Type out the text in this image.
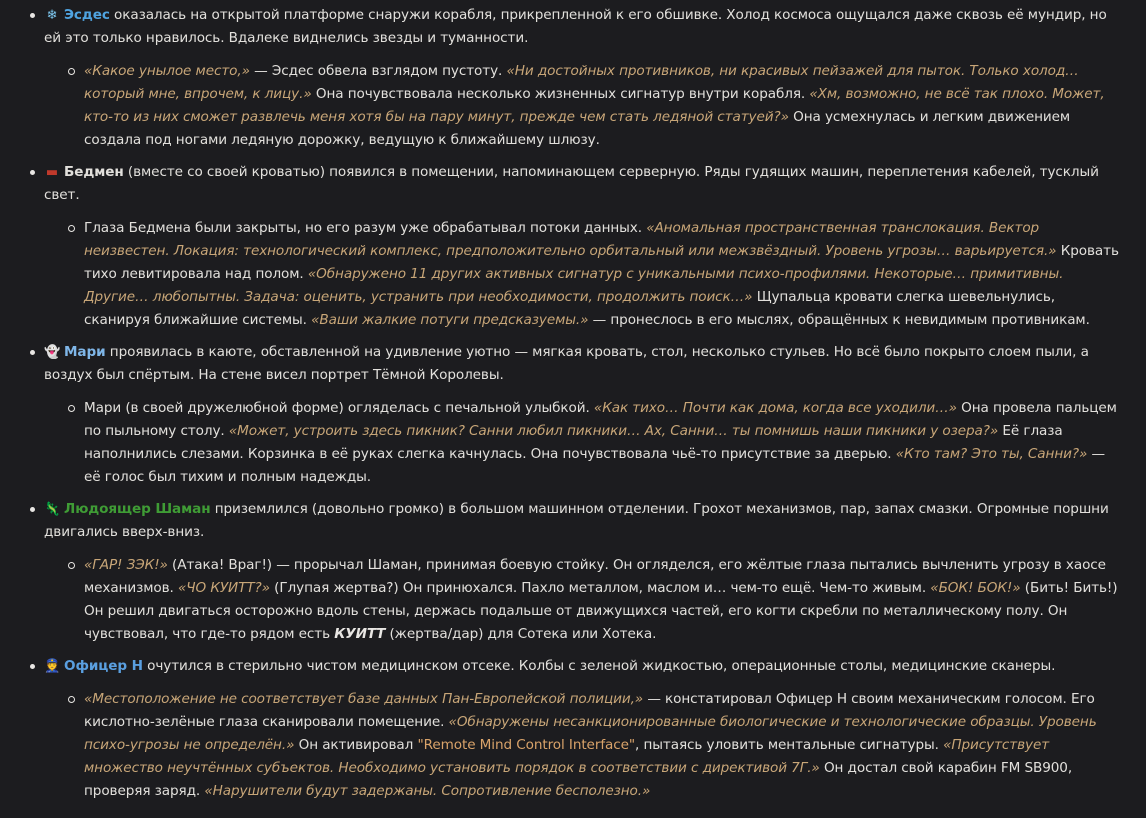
❄ Эсдес оказалась на открытой платформе снаружи корабля, прикрепленной к его обшивке. Холод космоса ощущался даже сквозь её мундир, но ей это только нравилось. Вдалеке виднелись звезды и туманности.
«Какое унылое место,» — Эсдес обвела взглядом пустоту. «Ни достойных противников, ни красивых пейзажей для пыток. Только холод… который мне, впрочем, к лицу.» Она почувствовала несколько жизненных сигнатур внутри корабля. «Хм, возможно, не всё так плохо. Может, кто-то из них сможет развлечь меня хотя бы на пару минут, прежде чем стать ледяной статуей?» Она усмехнулась и легким движением создала под ногами ледяную дорожку, ведущую к ближайшему шлюзу.
▬ Бедмен (вместе со своей кроватью) появился в помещении, напоминающем серверную. Ряды гудящих машин, переплетения кабелей, тусклый свет.
Глаза Бедмена были закрыты, но его разум уже обрабатывал потоки данных. «Аномальная пространственная транслокация. Вектор неизвестен. Локация: технологический комплекс, предположительно орбитальный или межзвёздный. Уровень угрозы… варьируется.» Кровать тихо левитировала над полом. «Обнаружено 11 других активных сигнатур с уникальными психо-профилями. Некоторые… примитивны. Другие… любопытны. Задача: оценить, устранить при необходимости, продолжить поиск…» Щупальца кровати слегка шевельнулись, сканируя ближайшие системы. «Ваши жалкие потуги предсказуемы.» — пронеслось в его мыслях, обращённых к невидимым противникам.
👻 Мари проявилась в каюте, обставленной на удивление уютно — мягкая кровать, стол, несколько стульев. Но всё было покрыто слоем пыли, а воздух был спёртым. На стене висел портрет Тёмной Королевы.
Мари (в своей дружелюбной форме) огляделась с печальной улыбкой. «Как тихо… Почти как дома, когда все уходили…» Она провела пальцем по пыльному столу. «Может, устроить здесь пикник? Санни любил пикники… Ах, Санни… ты помнишь наши пикники у озера?» Её глаза наполнились слезами. Корзинка в её руках слегка качнулась. Она почувствовала чьё-то присутствие за дверью. «Кто там? Это ты, Санни?» — её голос был тихим и полным надежды.
🦎 Людоящер Шаман приземлился (довольно громко) в большом машинном отделении. Грохот механизмов, пар, запах смазки. Огромные поршни двигались вверх-вниз.
«ГАР! ЗЭК!» (Атака! Враг!) — прорычал Шаман, принимая боевую стойку. Он огляделся, его жёлтые глаза пытались вычленить угрозу в хаосе механизмов. «ЧО КУИТТ?» (Глупая жертва?) Он принюхался. Пахло металлом, маслом и… чем-то ещё. Чем-то живым. «БОК! БОК!» (Бить! Бить!) Он решил двигаться осторожно вдоль стены, держась подальше от движущихся частей, его когти скребли по металлическому полу. Он чувствовал, что где-то рядом есть КУИТТ (жертва/дар) для Сотека или Хотека.
👮 Офицер Н очутился в стерильно чистом медицинском отсеке. Колбы с зеленой жидкостью, операционные столы, медицинские сканеры.
«Местоположение не соответствует базе данных Пан-Европейской полиции,» — констатировал Офицер Н своим механическим голосом. Его кислотно-зелёные глаза сканировали помещение. «Обнаружены несанкционированные биологические и технологические образцы. Уровень психо-угрозы не определён.» Он активировал "Remote Mind Control Interface", пытаясь уловить ментальные сигнатуры. «Присутствует множество неучтённых субъектов. Необходимо установить порядок в соответствии с директивой 7Г.» Он достал свой карабин FM SB900, проверяя заряд. «Нарушители будут задержаны. Сопротивление бесполезно.»
